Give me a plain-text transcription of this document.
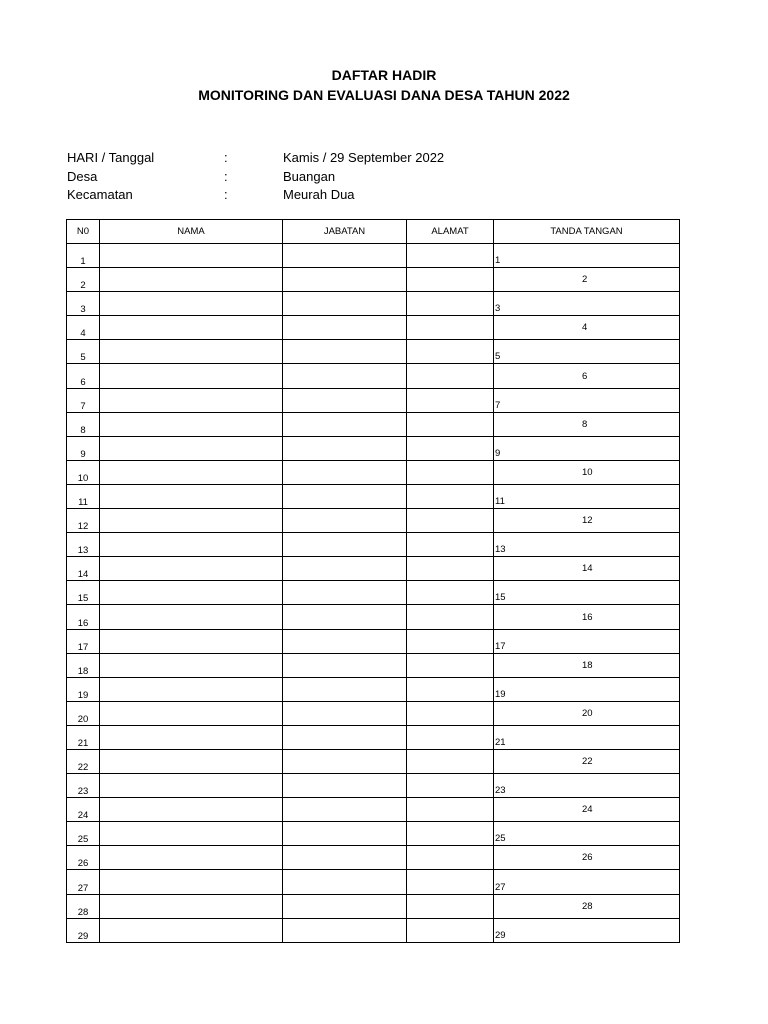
DAFTAR HADIR
MONITORING DAN EVALUASI DANA DESA TAHUN 2022
HARI / Tanggal	:	Kamis / 29 September 2022
Desa	:	Buangan
Kecamatan	:	Meurah Dua
N0	NAMA	JABATAN	ALAMAT	TANDA TANGAN
1				1

2				2

3				3

4				4

5				5

6				6

7				7

8				8

9				9

10				10

11				11

12				12

13				13

14				14

15				15

16				16

17				17

18				18

19				19

20				20

21				21

22				22

23				23

24				24

25				25

26				26

27				27

28				28

29				29
